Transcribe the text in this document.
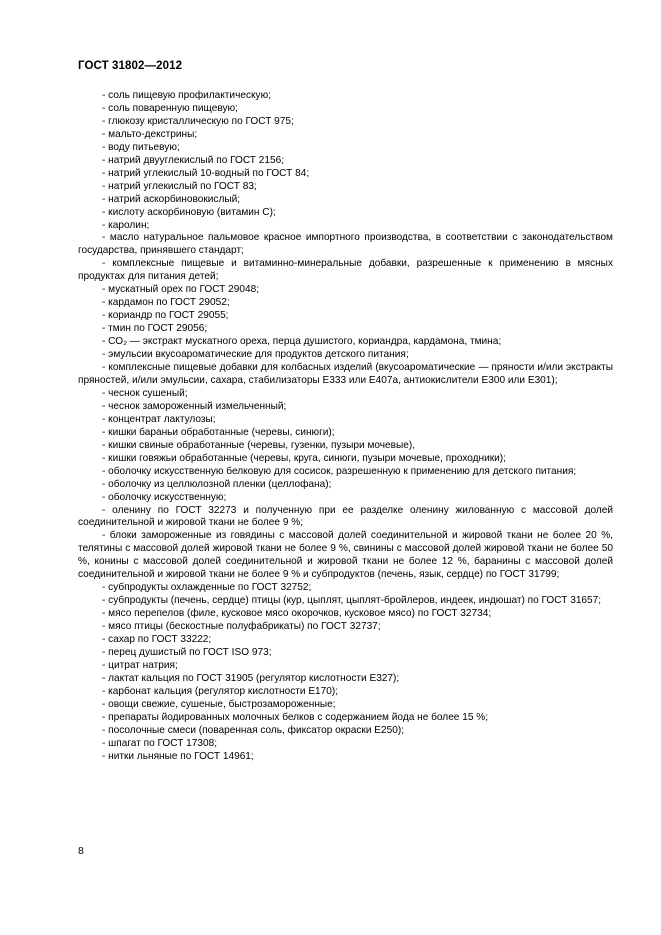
ГОСТ 31802—2012

- соль пищевую профилактическую;

- соль поваренную пищевую;

- глюкозу кристаллическую по ГОСТ 975;

- мальто-декстрины;

- воду питьевую;

- натрий двууглекислый по ГОСТ 2156;

- натрий углекислый 10-водный по ГОСТ 84;

- натрий углекислый по ГОСТ 83;

- натрий аскорбиновокислый;

- кислоту аскорбиновую (витамин С);

- каролин;

- масло натуральное пальмовое красное импортного производства, в соответствии с законодательством государства, принявшего стандарт;

- комплексные пищевые и витаминно-минеральные добавки, разрешенные к применению в мясных продуктах для питания детей;

- мускатный орех по ГОСТ 29048;

- кардамон по ГОСТ 29052;

- кориандр по ГОСТ 29055;

- тмин по ГОСТ 29056;

- СО₂ — экстракт мускатного ореха, перца душистого, кориандра, кардамона, тмина;

- эмульсии вкусоароматические для продуктов детского питания;

- комплексные пищевые добавки для колбасных изделий (вкусоароматические — пряности и/или экстракты пряностей, и/или эмульсии, сахара, стабилизаторы Е333 или Е407а, антиокислители Е300 или Е301);

- чеснок сушеный;

- чеснок замороженный измельченный;

- концентрат лактулозы;

- кишки бараньи обработанные (черевы, синюги);

- кишки свиные обработанные (черевы, гузенки, пузыри мочевые),

- кишки говяжьи обработанные (черевы, круга, синюги, пузыри мочевые, проходники);

- оболочку искусственную белковую для сосисок, разрешенную к применению для детского питания;

- оболочку из целлюлозной пленки (целлофана);

- оболочку искусственную;

- оленину по ГОСТ 32273 и полученную при ее разделке оленину жилованную с массовой долей соединительной и жировой ткани не более 9 %;

- блоки замороженные из говядины с массовой долей соединительной и жировой ткани не более 20 %, телятины с массовой долей жировой ткани не более 9 %, свинины с массовой долей жировой ткани не более 50 %, конины с массовой долей соединительной и жировой ткани не более 12 %, баранины с массовой долей соединительной и жировой ткани не более 9 % и субпродуктов (печень, язык, сердце) по ГОСТ 31799;

- субпродукты охлажденные по ГОСТ 32752;

- субпродукты (печень, сердце) птицы (кур, цыплят, цыплят-бройлеров, индеек, индюшат) по ГОСТ 31657;

- мясо перепелов (филе, кусковое мясо окорочков, кусковое мясо) по ГОСТ 32734;

- мясо птицы (бескостные полуфабрикаты) по ГОСТ 32737;

- сахар по ГОСТ 33222;

- перец душистый по ГОСТ ISO 973;

- цитрат натрия;

- лактат кальция по ГОСТ 31905 (регулятор кислотности Е327);

- карбонат кальция (регулятор кислотности Е170);

- овощи свежие, сушеные, быстрозамороженные;

- препараты йодированных молочных белков с содержанием йода не более 15 %;

- посолочные смеси (поваренная соль, фиксатор окраски Е250);

- шпагат по ГОСТ 17308;

- нитки льняные по ГОСТ 14961;

8
